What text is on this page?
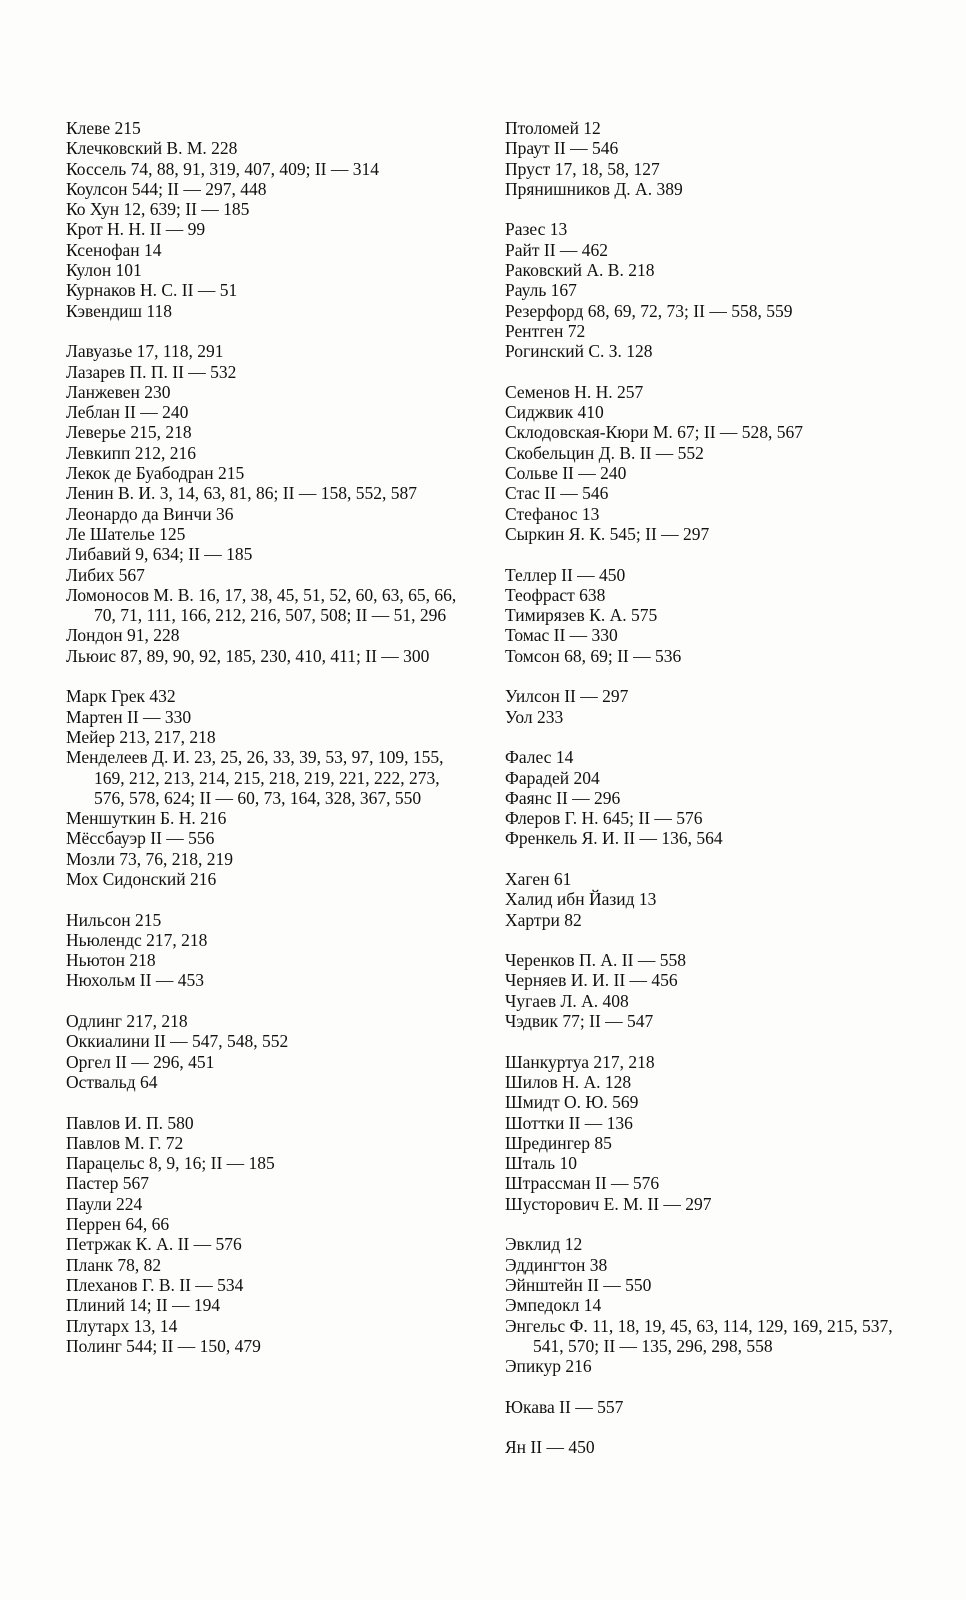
Клеве 215
Клечковский В. М. 228
Коссель 74, 88, 91, 319, 407, 409; II — 314
Коулсон 544; II — 297, 448
Ко Хун 12, 639; II — 185
Крот Н. Н. II — 99
Ксенофан 14
Кулон 101
Курнаков Н. С. II — 51
Кэвендиш 118
Лавуазье 17, 118, 291
Лазарев П. П. II — 532
Ланжевен 230
Леблан II — 240
Леверье 215, 218
Левкипп 212, 216
Лекок де Буабодран 215
Ленин В. И. 3, 14, 63, 81, 86; II — 158, 552, 587
Леонардо да Винчи 36
Ле Шателье 125
Либавий 9, 634; II — 185
Либих 567
Ломоносов М. В. 16, 17, 38, 45, 51, 52, 60, 63, 65, 66, 70, 71, 111, 166, 212, 216, 507, 508; II — 51, 296
Лондон 91, 228
Льюис 87, 89, 90, 92, 185, 230, 410, 411; II — 300
Марк Грек 432
Мартен II — 330
Мейер 213, 217, 218
Менделеев Д. И. 23, 25, 26, 33, 39, 53, 97, 109, 155, 169, 212, 213, 214, 215, 218, 219, 221, 222, 273, 576, 578, 624; II — 60, 73, 164, 328, 367, 550
Меншуткин Б. Н. 216
Мёссбауэр II — 556
Мозли 73, 76, 218, 219
Мох Сидонский 216
Нильсон 215
Ньюлендс 217, 218
Ньютон 218
Нюхольм II — 453
Одлинг 217, 218
Оккиалини II — 547, 548, 552
Оргел II — 296, 451
Оствальд 64
Павлов И. П. 580
Павлов М. Г. 72
Парацельс 8, 9, 16; II — 185
Пастер 567
Паули 224
Перрен 64, 66
Петржак К. А. II — 576
Планк 78, 82
Плеханов Г. В. II — 534
Плиний 14; II — 194
Плутарх 13, 14
Полинг 544; II — 150, 479
Птоломей 12
Праут II — 546
Пруст 17, 18, 58, 127
Прянишников Д. А. 389
Разес 13
Райт II — 462
Раковский А. В. 218
Рауль 167
Резерфорд 68, 69, 72, 73; II — 558, 559
Рентген 72
Рогинский С. З. 128
Семенов Н. Н. 257
Сиджвик 410
Склодовская-Кюри М. 67; II — 528, 567
Скобельцин Д. В. II — 552
Сольве II — 240
Стас II — 546
Стефанос 13
Сыркин Я. К. 545; II — 297
Теллер II — 450
Теофраст 638
Тимирязев К. А. 575
Томас II — 330
Томсон 68, 69; II — 536
Уилсон II — 297
Уол 233
Фалес 14
Фарадей 204
Фаянс II — 296
Флеров Г. Н. 645; II — 576
Френкель Я. И. II — 136, 564
Хаген 61
Халид ибн Йазид 13
Хартри 82
Черенков П. А. II — 558
Черняев И. И. II — 456
Чугаев Л. А. 408
Чэдвик 77; II — 547
Шанкуртуа 217, 218
Шилов Н. А. 128
Шмидт О. Ю. 569
Шоттки II — 136
Шредингер 85
Шталь 10
Штрассман II — 576
Шусторович Е. М. II — 297
Эвклид 12
Эддингтон 38
Эйнштейн II — 550
Эмпедокл 14
Энгельс Ф. 11, 18, 19, 45, 63, 114, 129, 169, 215, 537, 541, 570; II — 135, 296, 298, 558
Эпикур 216
Юкава II — 557
Ян II — 450
